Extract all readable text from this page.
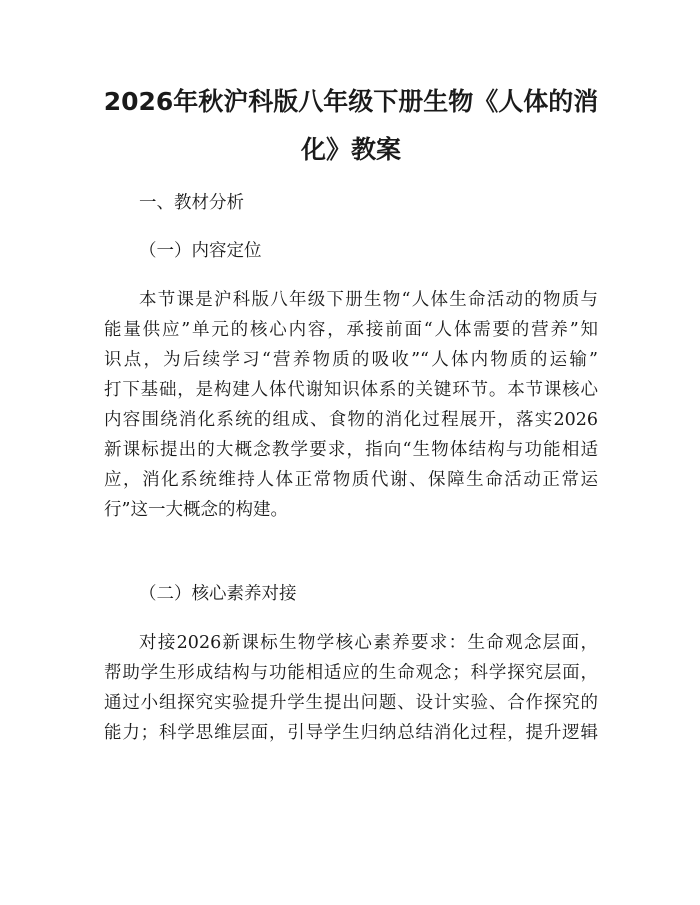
2026年秋沪科版八年级下册生物《人体的消
化》教案

一、教材分析

（一）内容定位

本节课是沪科版八年级下册生物“人体生命活动的物质与
能量供应”单元的核心内容，承接前面“人体需要的营养”知
识点，为后续学习“营养物质的吸收”“人体内物质的运输”
打下基础，是构建人体代谢知识体系的关键环节。本节课核心
内容围绕消化系统的组成、食物的消化过程展开，落实2026
新课标提出的大概念教学要求，指向“生物体结构与功能相适
应，消化系统维持人体正常物质代谢、保障生命活动正常运
行”这一大概念的构建。

（二）核心素养对接

对接2026新课标生物学核心素养要求：生命观念层面，
帮助学生形成结构与功能相适应的生命观念；科学探究层面，
通过小组探究实验提升学生提出问题、设计实验、合作探究的
能力；科学思维层面，引导学生归纳总结消化过程，提升逻辑
